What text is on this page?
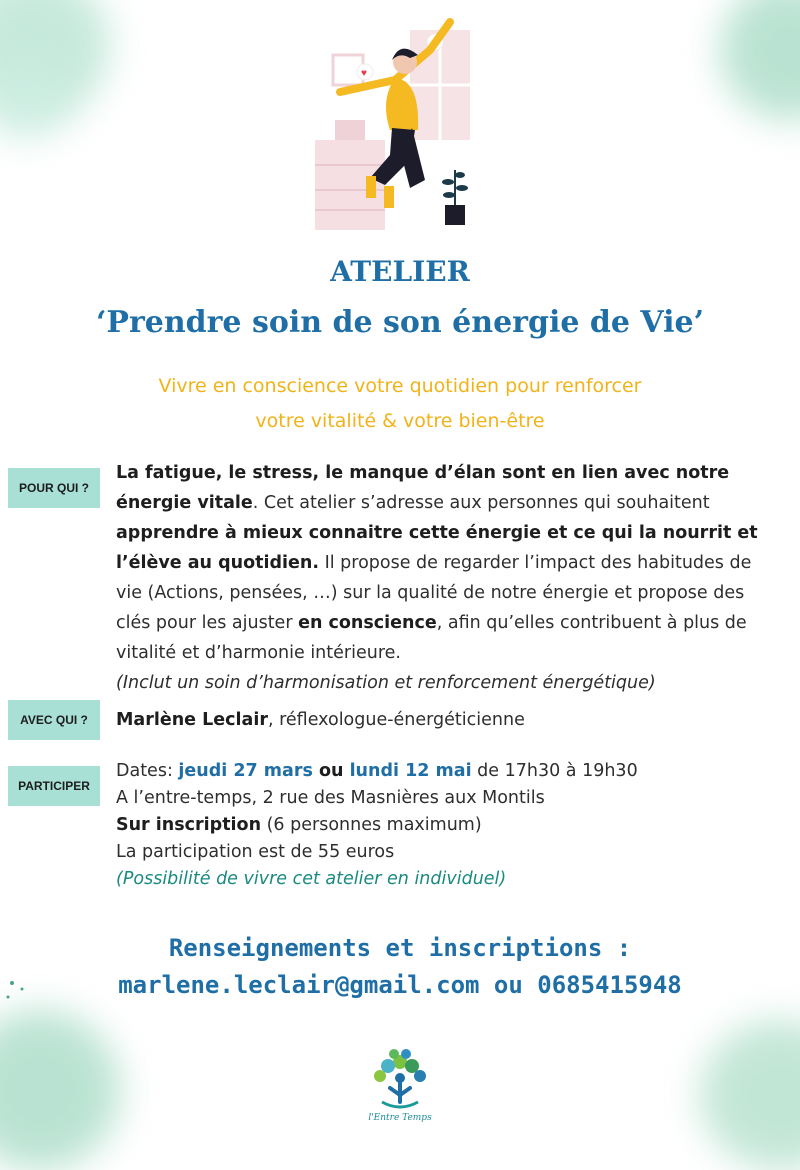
♥
♥
ATELIER
‘Prendre soin de son énergie de Vie’
Vivre en conscience votre quotidien pour renforcer
votre vitalité & votre bien-être
POUR QUI ?
La fatigue, le stress, le manque d’élan sont en lien avec notre énergie vitale. Cet atelier s’adresse aux personnes qui souhaitent apprendre à mieux connaitre cette énergie et ce qui la nourrit et l’élève au quotidien. Il propose de regarder l’impact des habitudes de vie (Actions, pensées, …) sur la qualité de notre énergie et propose des clés pour les ajuster en conscience, afin qu’elles contribuent à plus de vitalité et d’harmonie intérieure.
(Inclut un soin d’harmonisation et renforcement énergétique)
AVEC QUI ?	Marlène Leclair, réflexologue-énergéticienne
PARTICIPER
Dates: jeudi 27 mars ou lundi 12 mai de 17h30 à 19h30
A l’entre-temps, 2 rue des Masnières aux Montils
Sur inscription (6 personnes maximum)
La participation est de 55 euros
(Possibilité de vivre cet atelier en individuel)
Renseignements et inscriptions :
marlene.leclair@gmail.com ou 0685415948
l'Entre Temps
